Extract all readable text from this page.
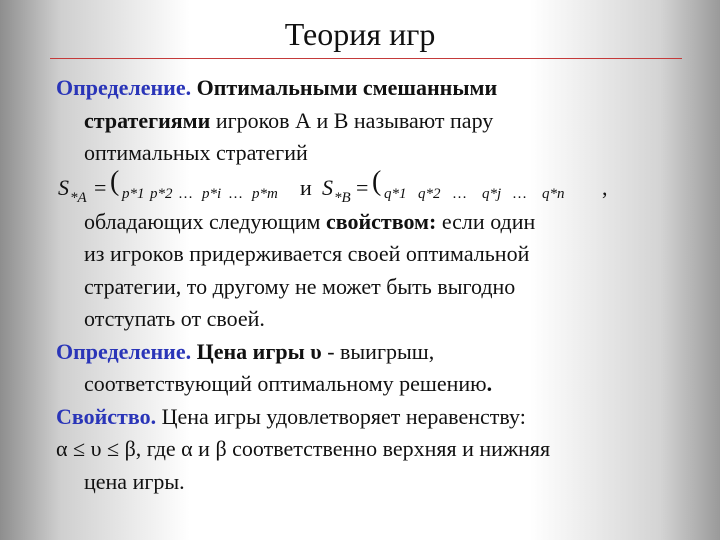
Теория игр
Определение. Оптимальными смешанными
стратегиями игроков А и В называют пару
оптимальных стратегий
S *A = ( p*1 p*2 … p*i … p*m и S *B = ( q*1 q*2 … q*j … q*n ,
обладающих следующим свойством: если один
из игроков придерживается своей оптимальной
стратегии, то другому не может быть выгодно
отступать от своей.
Определение. Цена игры υ - выигрыш,
соответствующий оптимальному решению.
Свойство. Цена игры удовлетворяет неравенству:
α ≤ υ ≤ β, где α и β соответственно верхняя и нижняя
цена игры.
